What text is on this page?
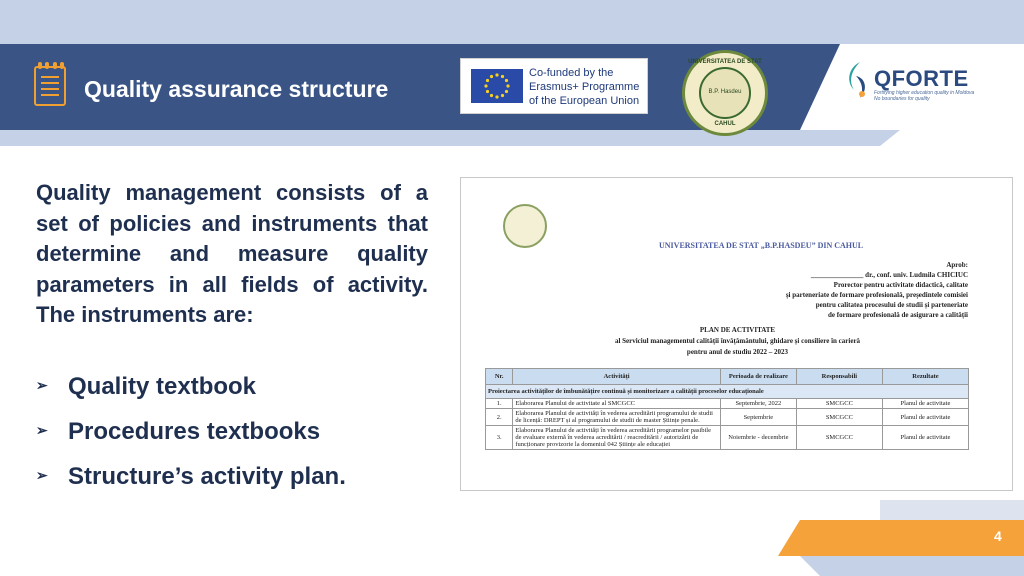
Quality assurance structure
Co-funded by the
Erasmus+ Programme
of the European Union
UNIVERSITATEA DE STAT
B.P. Hasdeu
CAHUL
QFORTE
Fortifying higher education quality in Moldova
No boundaries for quality
Quality management consists of a set of policies and instruments that determine and measure quality parameters in all fields of activity. The instruments are:
➢ Quality textbook
➢ Procedures textbooks
➢ Structure’s activity plan.
UNIVERSITATEA DE STAT „B.P.HASDEU” DIN CAHUL
Aprob:
_______________ dr., conf. univ. Ludmila CHICIUC
Prorector pentru activitate didactică, calitate
și parteneriate de formare profesională, președintele comisiei
pentru calitatea procesului de studii și parteneriate
de formare profesională de asigurare a calității
PLAN DE ACTIVITATE
al Serviciul managementul calității învățământului, ghidare și consiliere în carieră
pentru anul de studiu 2022 – 2023
Nr.	Activități	Perioada de realizare	Responsabili	Rezultate
Proiectarea activităților de îmbunătățire continuă și monitorizare a calității proceselor educaționale				
1.	Elaborarea Planului de activitate al SMCGCC	Septembrie, 2022	SMCGCC	Planul de activitate
2.	Elaborarea Planului de activități în vederea acreditării programului de studii de licență: DREPT și al programului de studii de master Științe penale.	Septembrie	SMCGCC	Planul de activitate
3.	Elaborarea Planului de activități în vederea acreditării programelor pasibile de evaluare externă în vederea acreditării / reacreditării / autorizării de funcționare provizorie la domeniul 042 Științe ale educației	Noiembrie - decembrie	SMCGCC	Planul de activitate
4
